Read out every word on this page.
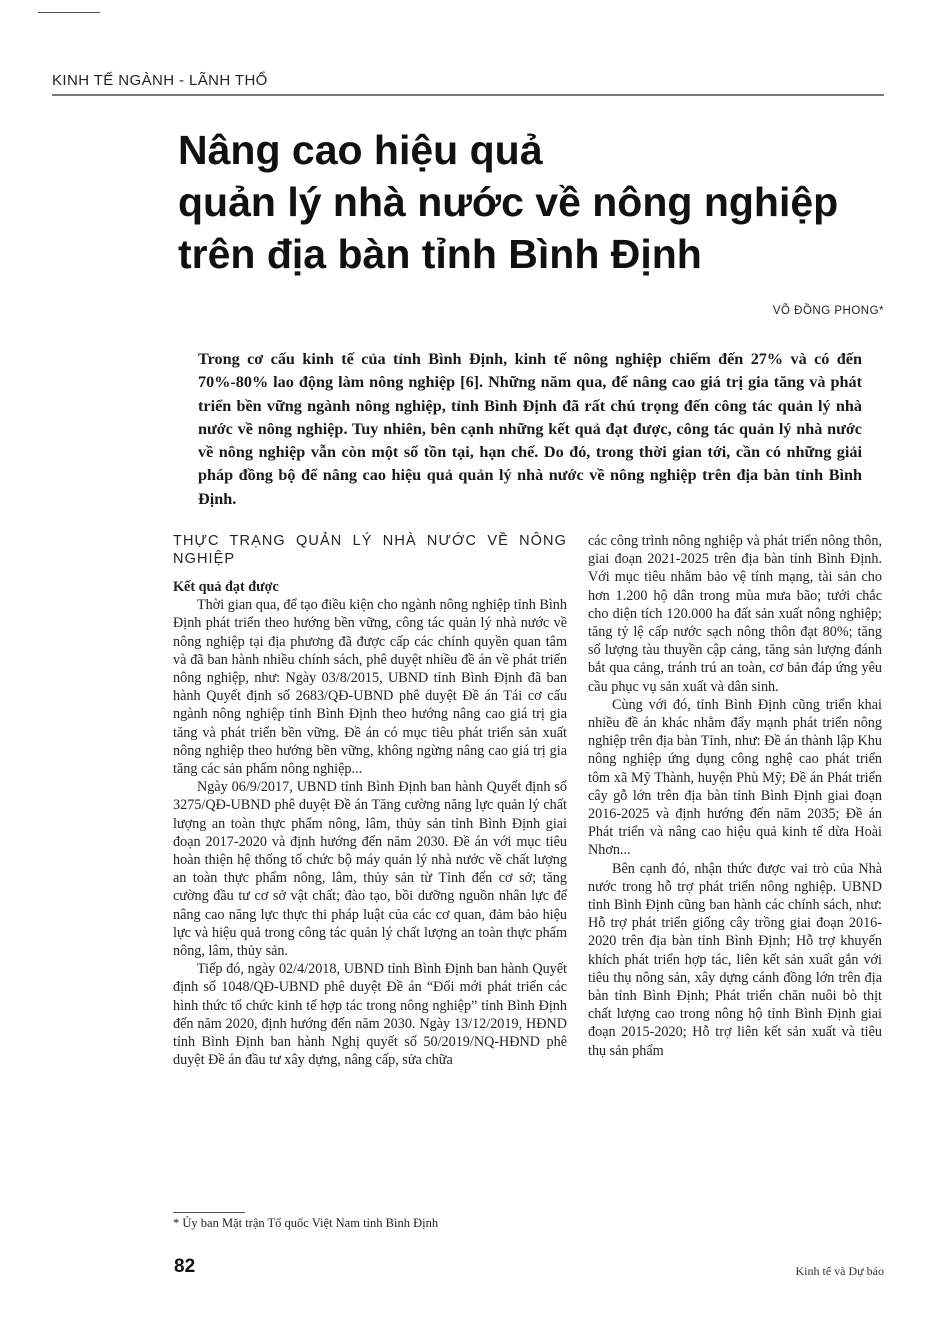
KINH TẾ NGÀNH - LÃNH THỔ
Nâng cao hiệu quả
quản lý nhà nước về nông nghiệp
trên địa bàn tỉnh Bình Định
VÕ ĐỒNG PHONG*

Trong cơ cấu kinh tế của tỉnh Bình Định, kinh tế nông nghiệp chiếm đến 27% và có đến 70%-80% lao động làm nông nghiệp [6]. Những năm qua, để nâng cao giá trị gia tăng và phát triển bền vững ngành nông nghiệp, tỉnh Bình Định đã rất chú trọng đến công tác quản lý nhà nước về nông nghiệp. Tuy nhiên, bên cạnh những kết quả đạt được, công tác quản lý nhà nước về nông nghiệp vẫn còn một số tồn tại, hạn chế. Do đó, trong thời gian tới, cần có những giải pháp đồng bộ để nâng cao hiệu quả quản lý nhà nước về nông nghiệp trên địa bàn tỉnh Bình Định.

THỰC TRẠNG QUẢN LÝ NHÀ NƯỚC VỀ NÔNG NGHIỆP
Kết quả đạt được

Thời gian qua, để tạo điều kiện cho ngành nông nghiệp tỉnh Bình Định phát triển theo hướng bền vững, công tác quản lý nhà nước về nông nghiệp tại địa phương đã được cấp các chính quyền quan tâm và đã ban hành nhiều chính sách, phê duyệt nhiều đề án về phát triển nông nghiệp, như: Ngày 03/8/2015, UBND tỉnh Bình Định đã ban hành Quyết định số 2683/QĐ-UBND phê duyệt Đề án Tái cơ cấu ngành nông nghiệp tỉnh Bình Định theo hướng nâng cao giá trị gia tăng và phát triển bền vững. Đề án có mục tiêu phát triển sản xuất nông nghiệp theo hướng bền vững, không ngừng nâng cao giá trị gia tăng các sản phẩm nông nghiệp...

Ngày 06/9/2017, UBND tỉnh Bình Định ban hành Quyết định số 3275/QĐ-UBND phê duyệt Đề án Tăng cường năng lực quản lý chất lượng an toàn thực phẩm nông, lâm, thủy sản tỉnh Bình Định giai đoạn 2017-2020 và định hướng đến năm 2030. Đề án với mục tiêu hoàn thiện hệ thống tổ chức bộ máy quản lý nhà nước về chất lượng an toàn thực phẩm nông, lâm, thủy sản từ Tỉnh đến cơ sở; tăng cường đầu tư cơ sở vật chất; đào tạo, bồi dưỡng nguồn nhân lực để nâng cao năng lực thực thi pháp luật của các cơ quan, đảm bảo hiệu lực và hiệu quả trong công tác quản lý chất lượng an toàn thực phẩm nông, lâm, thủy sản.

Tiếp đó, ngày 02/4/2018, UBND tỉnh Bình Định ban hành Quyết định số 1048/QĐ-UBND phê duyệt Đề án “Đổi mới phát triển các hình thức tổ chức kinh tế hợp tác trong nông nghiệp” tỉnh Bình Định đến năm 2020, định hướng đến năm 2030. Ngày 13/12/2019, HĐND tỉnh Bình Định ban hành Nghị quyết số 50/2019/NQ-HĐND phê duyệt Đề án đầu tư xây dựng, nâng cấp, sửa chữa

các công trình nông nghiệp và phát triển nông thôn, giai đoạn 2021-2025 trên địa bàn tỉnh Bình Định. Với mục tiêu nhằm bảo vệ tính mạng, tài sản cho hơn 1.200 hộ dân trong mùa mưa bão; tưới chắc cho diện tích 120.000 ha đất sản xuất nông nghiệp; tăng tỷ lệ cấp nước sạch nông thôn đạt 80%; tăng số lượng tàu thuyền cập cảng, tăng sản lượng đánh bắt qua cảng, tránh trú an toàn, cơ bản đáp ứng yêu cầu phục vụ sản xuất và dân sinh.

Cùng với đó, tỉnh Bình Định cũng triển khai nhiều đề án khác nhằm đẩy mạnh phát triển nông nghiệp trên địa bàn Tỉnh, như: Đề án thành lập Khu nông nghiệp ứng dụng công nghệ cao phát triển tôm xã Mỹ Thành, huyện Phù Mỹ; Đề án Phát triển cây gỗ lớn trên địa bàn tỉnh Bình Định giai đoạn 2016-2025 và định hướng đến năm 2035; Đề án Phát triển và nâng cao hiệu quả kinh tế dừa Hoài Nhơn...

Bên cạnh đó, nhận thức được vai trò của Nhà nước trong hỗ trợ phát triển nông nghiệp. UBND tỉnh Bình Định cũng ban hành các chính sách, như: Hỗ trợ phát triển giống cây trồng giai đoạn 2016-2020 trên địa bàn tỉnh Bình Định; Hỗ trợ khuyến khích phát triển hợp tác, liên kết sản xuất gắn với tiêu thụ nông sản, xây dựng cánh đồng lớn trên địa bàn tỉnh Bình Định; Phát triển chăn nuôi bò thịt chất lượng cao trong nông hộ tỉnh Bình Định giai đoạn 2015-2020; Hỗ trợ liên kết sản xuất và tiêu thụ sản phẩm

* Ủy ban Mặt trận Tổ quốc Việt Nam tỉnh Bình Định
82	Kinh tế và Dự báo
